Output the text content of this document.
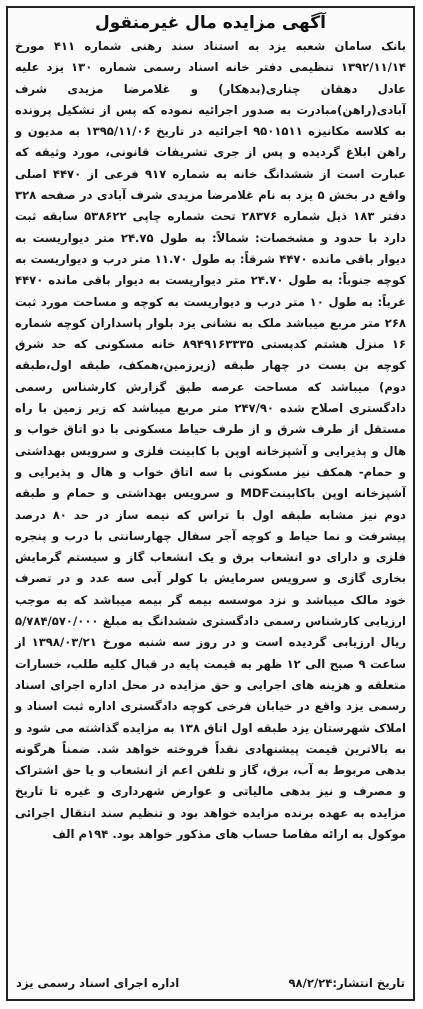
آگهی مزایده مال غیرمنقول
بانک سامان شعبه یزد به استناد سند رهنی شماره ۴۱۱ مورخ ۱۳۹۲/۱۱/۱۴ تنظیمی دفتر خانه اسناد رسمی شماره ۱۳۰ یزد علیه عادل دهقان چناری(بدهکار) و غلامرضا مزیدی شرف آبادی(راهن)مبادرت به صدور اجرائیه نموده که پس از تشکیل پرونده به کلاسه مکانیزه ۹۵۰۱۵۱۱ اجرائیه در تاریخ ۱۳۹۵/۱۱/۰۶ به مدیون و راهن ابلاغ گردیده و پس از جری تشریفات قانونی، مورد وثیقه که عبارت است از ششدانگ خانه به شماره ۹۱۷ فرعی از ۴۴۷۰ اصلی واقع در بخش ۵ یزد به نام غلامرضا مزیدی شرف آبادی در صفحه ۳۲۸ دفتر ۱۸۳ ذیل شماره ۲۸۳۷۶ تحت شماره چاپی ۵۳۸۶۲۲ سابقه ثبت دارد با حدود و مشخصات: شمالاً: به طول ۲۴.۷۵ متر دیواریست به دیوار باقی مانده ۴۴۷۰ شرقاً: به طول ۱۱.۷۰ متر درب و دیواریست به کوچه جنوباً: به طول ۲۴.۷۰ متر دیواریست به دیوار باقی مانده ۴۴۷۰ غرباً: به طول ۱۰ متر درب و دیواریست به کوچه و مساحت مورد ثبت ۲۶۸ متر مربع میباشد ملک به نشانی یزد بلوار پاسداران کوچه شماره ۱۶ منزل هشتم کدپستی ۸۹۴۹۱۶۳۳۳۵ خانه مسکونی که حد شرق کوچه بن بست در چهار طبقه (زیرزمین،همکف، طبقه اول،طبقه دوم) میباشد که مساحت عرصه طبق گزارش کارشناس رسمی دادگستری اصلاح شده ۲۴۷/۹۰ متر مربع میباشد که زیر زمین با راه مستقل از طرف شرق و از طرف حیاط مسکونی با دو اتاق خواب و هال و پذیرایی و آشپزخانه اوپن با کابینت فلزی و سرویس بهداشتی و حمام- همکف نیز مسکونی با سه اتاق خواب و هال و پذیرایی و آشپزخانه اوپن باکابینتMDF و سرویس بهداشتی و حمام و طبقه دوم نیز مشابه طبقه اول با تراس که نیمه ساز در حد ۸۰ درصد پیشرفت و نما حیاط و کوچه آجر سفال چهارسانتی با درب و پنجره فلزی و دارای دو انشعاب برق و یک انشعاب گاز و سیستم گرمایش بخاری گازی و سرویس سرمایش با کولر آبی سه عدد و در تصرف خود مالک میباشد و نزد موسسه بیمه گر بیمه میباشد که به موجب ارزیابی کارشناس رسمی دادگستری ششدانگ به مبلغ ۵/۷۸۴/۵۷۰/۰۰۰ ریال ارزیابی گردیده است و در روز سه شنبه مورخ ۱۳۹۸/۰۳/۲۱ از ساعت ۹ صبح الی ۱۲ ظهر به قیمت پایه در قبال کلیه طلب، خسارات متعلقه و هزینه های اجرایی و حق مزایده در محل اداره اجرای اسناد رسمی یزد واقع در خیابان فرخی کوچه دادگستری اداره ثبت اسناد و املاک شهرستان یزد طبقه اول اتاق ۱۳۸ به مزایده گذاشته می شود و به بالاترین قیمت پیشنهادی نقداً فروخته خواهد شد. ضمناً هرگونه بدهی مربوط به آب، برق، گاز و تلفن اعم از انشعاب و یا حق اشتراک و مصرف و نیز بدهی مالیاتی و عوارض شهرداری و غیره تا تاریخ مزایده به عهده برنده مزایده خواهد بود و تنظیم سند انتقال اجرائی موکول به ارائه مفاصا حساب های مذکور خواهد بود. ۱۹۴م الف
تاریخ انتشار:۹۸/۲/۲۴
اداره اجرای اسناد رسمی یزد
